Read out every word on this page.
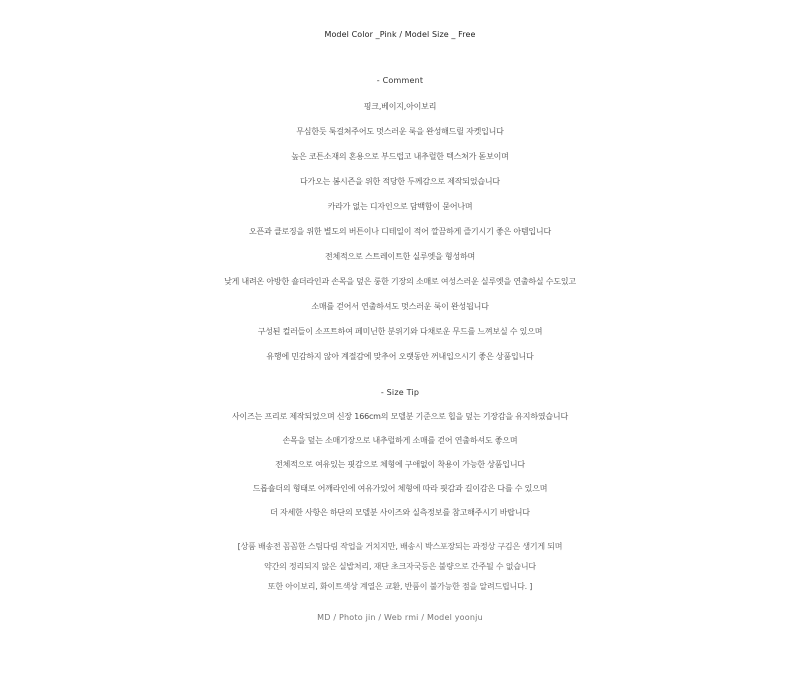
Model Color _Pink / Model Size _ Free
- Comment
핑크,베이지,아이보리
무심한듯 툭걸쳐주어도 멋스러운 룩을 완성해드릴 자켓입니다
높은 코튼소재의 혼용으로 부드럽고 내추럴한 텍스쳐가 돋보이며
다가오는 봄시즌을 위한 적당한 두께감으로 제작되었습니다
카라가 없는 디자인으로 담백함이 묻어나며
오픈과 클로징을 위한 별도의 버튼이나 디테일이 적어 깔끔하게 즐기시기 좋은 아템입니다
전체적으로 스트레이트한 실루엣을 형성하며
낮게 내려온 아방한 숄더라인과 손목을 덮은 룽한 기장의 소매로 여성스러운 실루엣을 연출하실 수도있고
소매를 걷어서 연출하셔도 멋스러운 룩이 완성됩니다
구성된 컬러들이 소프트하여 페미닌한 분위기와 다채로운 무드를 느껴보실 수 있으며
유행에 민감하지 않아 계절감에 맞추어 오랫동안 꺼내입으시기 좋은 상품입니다
- Size Tip
사이즈는 프리로 제작되었으며 신장 166cm의 모델분 기준으로 힙을 덮는 기장감을 유지하였습니다
손목을 덮는 소매기장으로 내추럴하게 소매를 걷어 연출하셔도 좋으며
전체적으로 여유있는 핏감으로 체형에 구애없이 착용이 가능한 상품입니다
드롭숄더의 형태로 어깨라인에 여유가있어 체형에 따라 핏감과 길이감은 다를 수 있으며
더 자세한 사항은 하단의 모델분 사이즈와 실측정보를 참고해주시기 바랍니다
[상품 배송전 꼼꼼한 스팀다림 작업을 거치지만, 배송시 박스포장되는 과정상 구김은 생기게 되며
약간의 정리되지 않은 실밥처리, 재단 초크자국등은 불량으로 간주될 수 없습니다
또한 아이보리, 화이트색상 계열은 교환, 반품이 불가능한 점을 알려드립니다. ]
MD / Photo jin / Web rmi / Model yoonju
